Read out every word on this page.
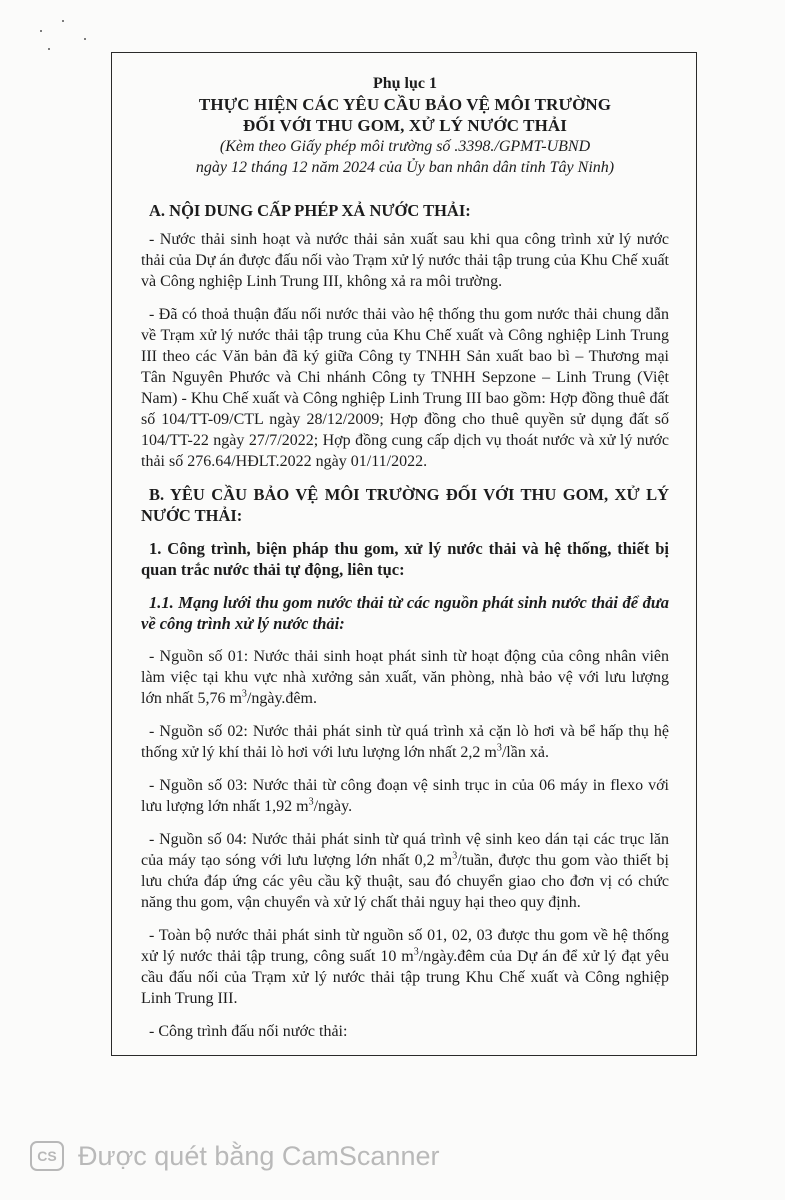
Phụ lục 1

THỰC HIỆN CÁC YÊU CẦU BẢO VỆ MÔI TRƯỜNG

ĐỐI VỚI THU GOM, XỬ LÝ NƯỚC THẢI

(Kèm theo Giấy phép môi trường số .3398./GPMT-UBND

ngày 12 tháng 12 năm 2024 của Ủy ban nhân dân tỉnh Tây Ninh)

A. NỘI DUNG CẤP PHÉP XẢ NƯỚC THẢI:

- Nước thải sinh hoạt và nước thải sản xuất sau khi qua công trình xử lý nước thải của Dự án được đấu nối vào Trạm xử lý nước thải tập trung của Khu Chế xuất và Công nghiệp Linh Trung III, không xả ra môi trường.

- Đã có thoả thuận đấu nối nước thải vào hệ thống thu gom nước thải chung dẫn về Trạm xử lý nước thải tập trung của Khu Chế xuất và Công nghiệp Linh Trung III theo các Văn bản đã ký giữa Công ty TNHH Sản xuất bao bì – Thương mại Tân Nguyên Phước và Chi nhánh Công ty TNHH Sepzone – Linh Trung (Việt Nam) - Khu Chế xuất và Công nghiệp Linh Trung III bao gồm: Hợp đồng thuê đất số 104/TT-09/CTL ngày 28/12/2009; Hợp đồng cho thuê quyền sử dụng đất số 104/TT-22 ngày 27/7/2022; Hợp đồng cung cấp dịch vụ thoát nước và xử lý nước thải số 276.64/HĐLT.2022 ngày 01/11/2022.

B. YÊU CẦU BẢO VỆ MÔI TRƯỜNG ĐỐI VỚI THU GOM, XỬ LÝ NƯỚC THẢI:

1. Công trình, biện pháp thu gom, xử lý nước thải và hệ thống, thiết bị quan trắc nước thải tự động, liên tục:

1.1. Mạng lưới thu gom nước thải từ các nguồn phát sinh nước thải để đưa về công trình xử lý nước thải:

- Nguồn số 01: Nước thải sinh hoạt phát sinh từ hoạt động của công nhân viên làm việc tại khu vực nhà xưởng sản xuất, văn phòng, nhà bảo vệ với lưu lượng lớn nhất 5,76 $m^3/ngày.đêm$.

- Nguồn số 02: Nước thải phát sinh từ quá trình xả cặn lò hơi và bể hấp thụ hệ thống xử lý khí thải lò hơi với lưu lượng lớn nhất 2,2 $m^3$/lần xả.

- Nguồn số 03: Nước thải từ công đoạn vệ sinh trục in của 06 máy in flexo với lưu lượng lớn nhất 1,92 $m^3$/ngày.

- Nguồn số 04: Nước thải phát sinh từ quá trình vệ sinh keo dán tại các trục lăn của máy tạo sóng với lưu lượng lớn nhất 0,2 $m^3$/tuần, được thu gom vào thiết bị lưu chứa đáp ứng các yêu cầu kỹ thuật, sau đó chuyển giao cho đơn vị có chức năng thu gom, vận chuyển và xử lý chất thải nguy hại theo quy định.

- Toàn bộ nước thải phát sinh từ nguồn số 01, 02, 03 được thu gom về hệ thống xử lý nước thải tập trung, công suất 10 $m^3/ngày.đêm$ của Dự án để xử lý đạt yêu cầu đấu nối của Trạm xử lý nước thải tập trung Khu Chế xuất và Công nghiệp Linh Trung III.

- Công trình đấu nối nước thải:

CS Được quét bằng CamScanner
